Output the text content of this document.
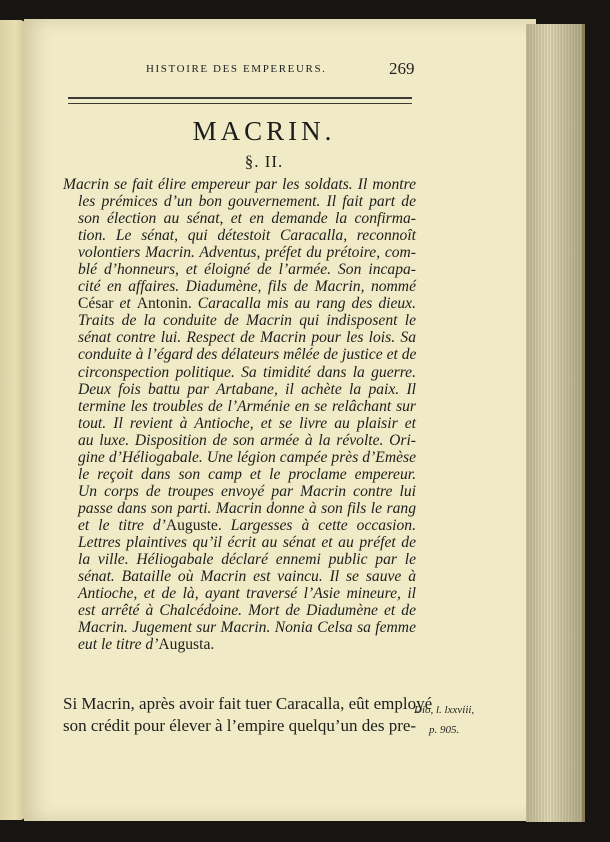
HISTOIRE DES EMPEREURS.	269
MACRIN.
§. II.
Macrin se fait élire empereur par les soldats. Il montre
les prémices d’un bon gouvernement. Il fait part de
son élection au sénat, et en demande la confirma-
tion. Le sénat, qui détestoit Caracalla, reconnoît
volontiers Macrin. Adventus, préfet du prétoire, com-
blé d’honneurs, et éloigné de l’armée. Son incapa-
cité en affaires. Diadumène, fils de Macrin, nommé
César et Antonin. Caracalla mis au rang des dieux.
Traits de la conduite de Macrin qui indisposent le
sénat contre lui. Respect de Macrin pour les lois. Sa
conduite à l’égard des délateurs mêlée de justice et de
circonspection politique. Sa timidité dans la guerre.
Deux fois battu par Artabane, il achète la paix. Il
termine les troubles de l’Arménie en se relâchant sur
tout. Il revient à Antioche, et se livre au plaisir et
au luxe. Disposition de son armée à la révolte. Ori-
gine d’Héliogabale. Une légion campée près d’Emèse
le reçoit dans son camp et le proclame empereur.
Un corps de troupes envoyé par Macrin contre lui
passe dans son parti. Macrin donne à son fils le rang
et le titre d’Auguste. Largesses à cette occasion.
Lettres plaintives qu’il écrit au sénat et au préfet de
la ville. Héliogabale déclaré ennemi public par le
sénat. Bataille où Macrin est vaincu. Il se sauve à
Antioche, et de là, ayant traversé l’Asie mineure, il
est arrêté à Chalcédoine. Mort de Diadumène et de
Macrin. Jugement sur Macrin. Nonia Celsa sa femme
eut le titre d’Augusta.
Si Macrin, après avoir fait tuer Caracalla, eût employé
son crédit pour élever à l’empire quelqu’un des pre-
Dio, l. lxxviii,
p. 905.
